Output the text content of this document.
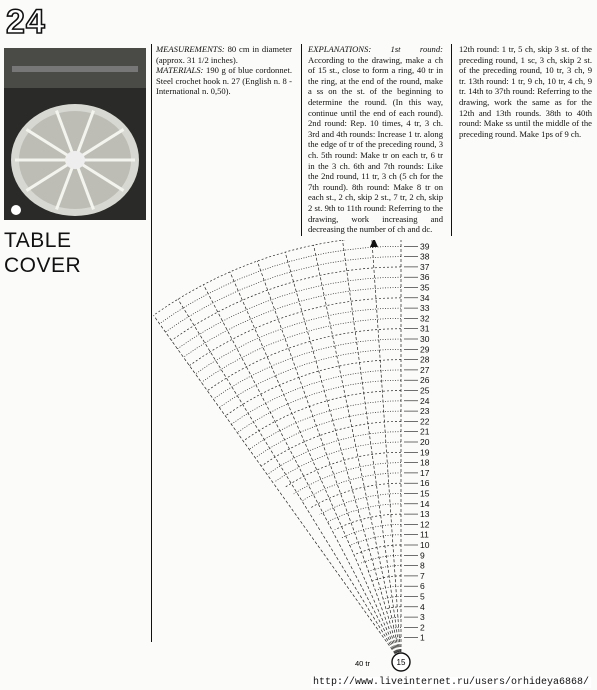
24
TABLE
COVER

MEASUREMENTS: 80 cm in diameter (approx. 31 1/2 inches).

MATERIALS: 190 g of blue cordonnet. Steel crochet hook n. 27 (English n. 8 - International n. 0,50).

EXPLANATIONS: 1st round: According to the drawing, make a ch of 15 st., close to form a ring, 40 tr in the ring, at the end of the round, make a ss on the st. of the beginning to determine the round. (In this way, continue until the end of each round). 2nd round: Rep. 10 times, 4 tr, 3 ch. 3rd and 4th rounds: Increase 1 tr. along the edge of tr of the preceding round, 3 ch. 5th round: Make tr on each tr, 6 tr in the 3 ch. 6th and 7th rounds: Like the 2nd round, 11 tr, 3 ch (5 ch for the 7th round). 8th round: Make 8 tr on each st., 2 ch, skip 2 st., 7 tr, 2 ch, skip 2 st. 9th to 11th round: Referring to the drawing, work increasing and decreasing the number of ch and dc.

12th round: 1 tr, 5 ch, skip 3 st. of the preceding round, 1 sc, 3 ch, skip 2 st. of the preceding round, 10 tr, 3 ch, 9 tr. 13th round: 1 tr, 9 ch, 10 tr, 4 ch, 9 tr. 14th to 37th round: Referring to the drawing, work the same as for the 12th and 13th rounds. 38th to 40th round: Make ss until the middle of the preceding round. Make 1ps of 9 ch.

1
2
3
4
5
6
7
8
9
10
11
12
13
14
15
16
17
18
19
20
21
22
23
24
25
26
27
28
29
30
31
32
33
34
35
36
37
38
39
15
40 tr
http://www.liveinternet.ru/users/orhideya6868/
